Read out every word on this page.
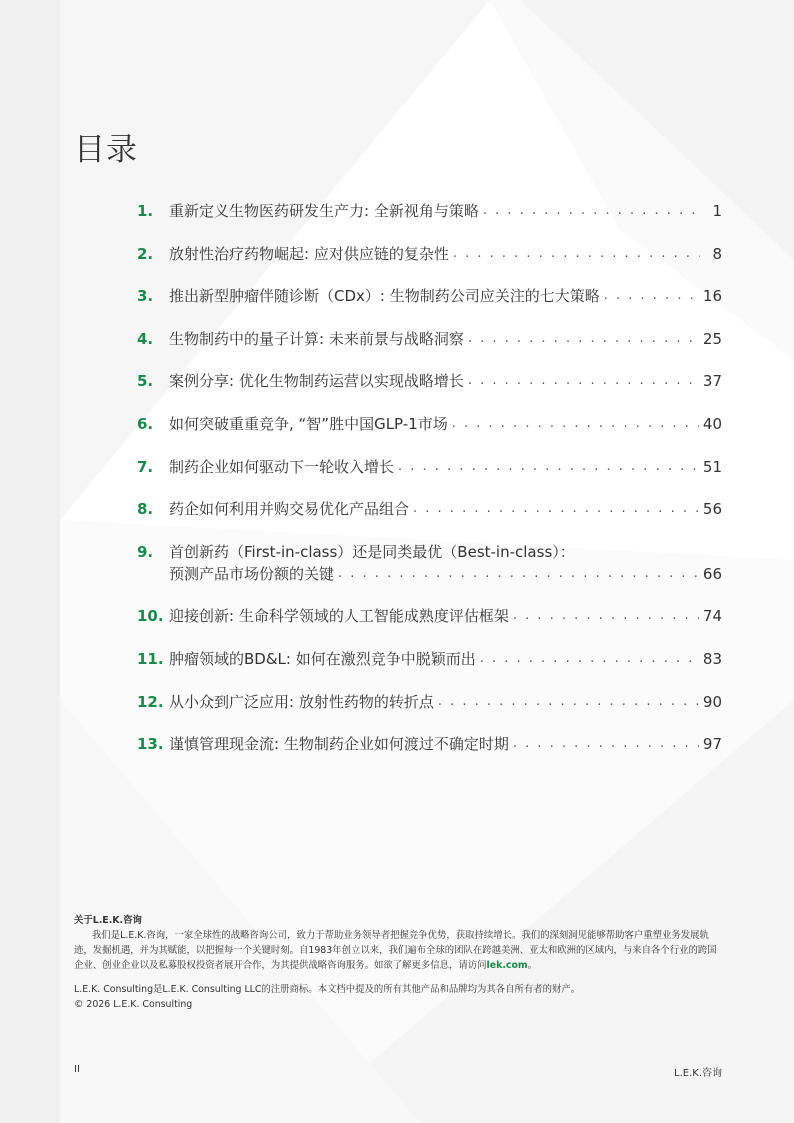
目录
1.	重新定义生物医药研发生产力: 全新视角与策略 . . .	1
2.	放射性治疗药物崛起: 应对供应链的复杂性 . . .	8
3.	推出新型肿瘤伴随诊断（CDx）: 生物制药公司应关注的七大策略 . . .	16
4.	生物制药中的量子计算: 未来前景与战略洞察 . . .	25
5.	案例分享: 优化生物制药运营以实现战略增长 . . .	37
6.	如何突破重重竞争, “智”胜中国GLP-1市场 . . .	40
7.	制药企业如何驱动下一轮收入增长 . . .	51
8.	药企如何利用并购交易优化产品组合 . . .	56
9.	首创新药（First-in-class）还是同类最优（Best-in-class）：
预测产品市场份额的关键 . . .	66
10. 迎接创新: 生命科学领域的人工智能成熟度评估框架 . . .	74
11. 肿瘤领域的BD&L: 如何在激烈竞争中脱颖而出 . . .	83
12. 从小众到广泛应用: 放射性药物的转折点 . . .	90
13. 谨慎管理现金流: 生物制药企业如何渡过不确定时期 . . .	97
关于L.E.K.咨询

我们是L.E.K.咨询，一家全球性的战略咨询公司，致力于帮助业务领导者把握竞争优势，获取持续增长。我们的深刻洞见能够帮助客户重塑业务发展轨迹，发掘机遇，并为其赋能，以把握每一个关键时刻。自1983年创立以来，我们遍布全球的团队在跨越美洲、亚太和欧洲的区域内，与来自各个行业的跨国企业、创业企业以及私募股权投资者展开合作，为其提供战略咨询服务。如欲了解更多信息，请访问lek.com。

L.E.K. Consulting是L.E.K. Consulting LLC的注册商标。本文档中提及的所有其他产品和品牌均为其各自所有者的财产。
© 2026 L.E.K. Consulting
II	L.E.K.咨询
